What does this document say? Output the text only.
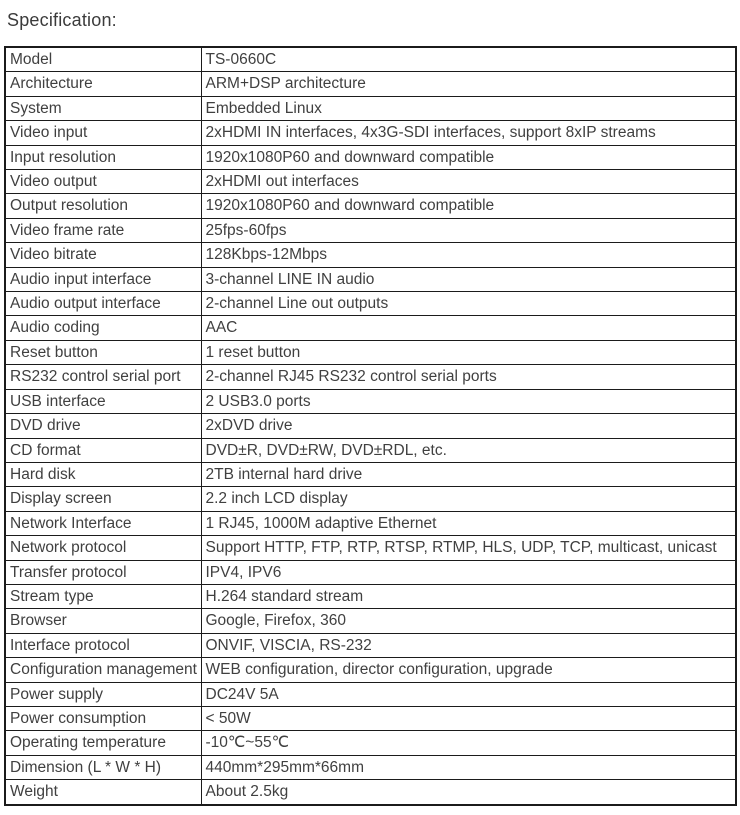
Specification:
Model	TS-0660C
Architecture	ARM+DSP architecture
System	Embedded Linux
Video input	2xHDMI IN interfaces, 4x3G-SDI interfaces, support 8xIP streams
Input resolution	1920x1080P60 and downward compatible
Video output	2xHDMI out interfaces
Output resolution	1920x1080P60 and downward compatible
Video frame rate	25fps-60fps
Video bitrate	128Kbps-12Mbps
Audio input interface	3-channel LINE IN audio
Audio output interface	2-channel Line out outputs
Audio coding	AAC
Reset button	1 reset button
RS232 control serial port	2-channel RJ45 RS232 control serial ports
USB interface	2 USB3.0 ports
DVD drive	2xDVD drive
CD format	DVD±R, DVD±RW, DVD±RDL, etc.
Hard disk	2TB internal hard drive
Display screen	2.2 inch LCD display
Network Interface	1 RJ45, 1000M adaptive Ethernet
Network protocol	Support HTTP, FTP, RTP, RTSP, RTMP, HLS, UDP, TCP, multicast, unicast
Transfer protocol	IPV4, IPV6
Stream type	H.264 standard stream
Browser	Google, Firefox, 360
Interface protocol	ONVIF, VISCIA, RS-232
Configuration management	WEB configuration, director configuration, upgrade
Power supply	DC24V 5A
Power consumption	< 50W
Operating temperature	-10℃~55℃
Dimension (L * W * H)	440mm*295mm*66mm
Weight	About 2.5kg
